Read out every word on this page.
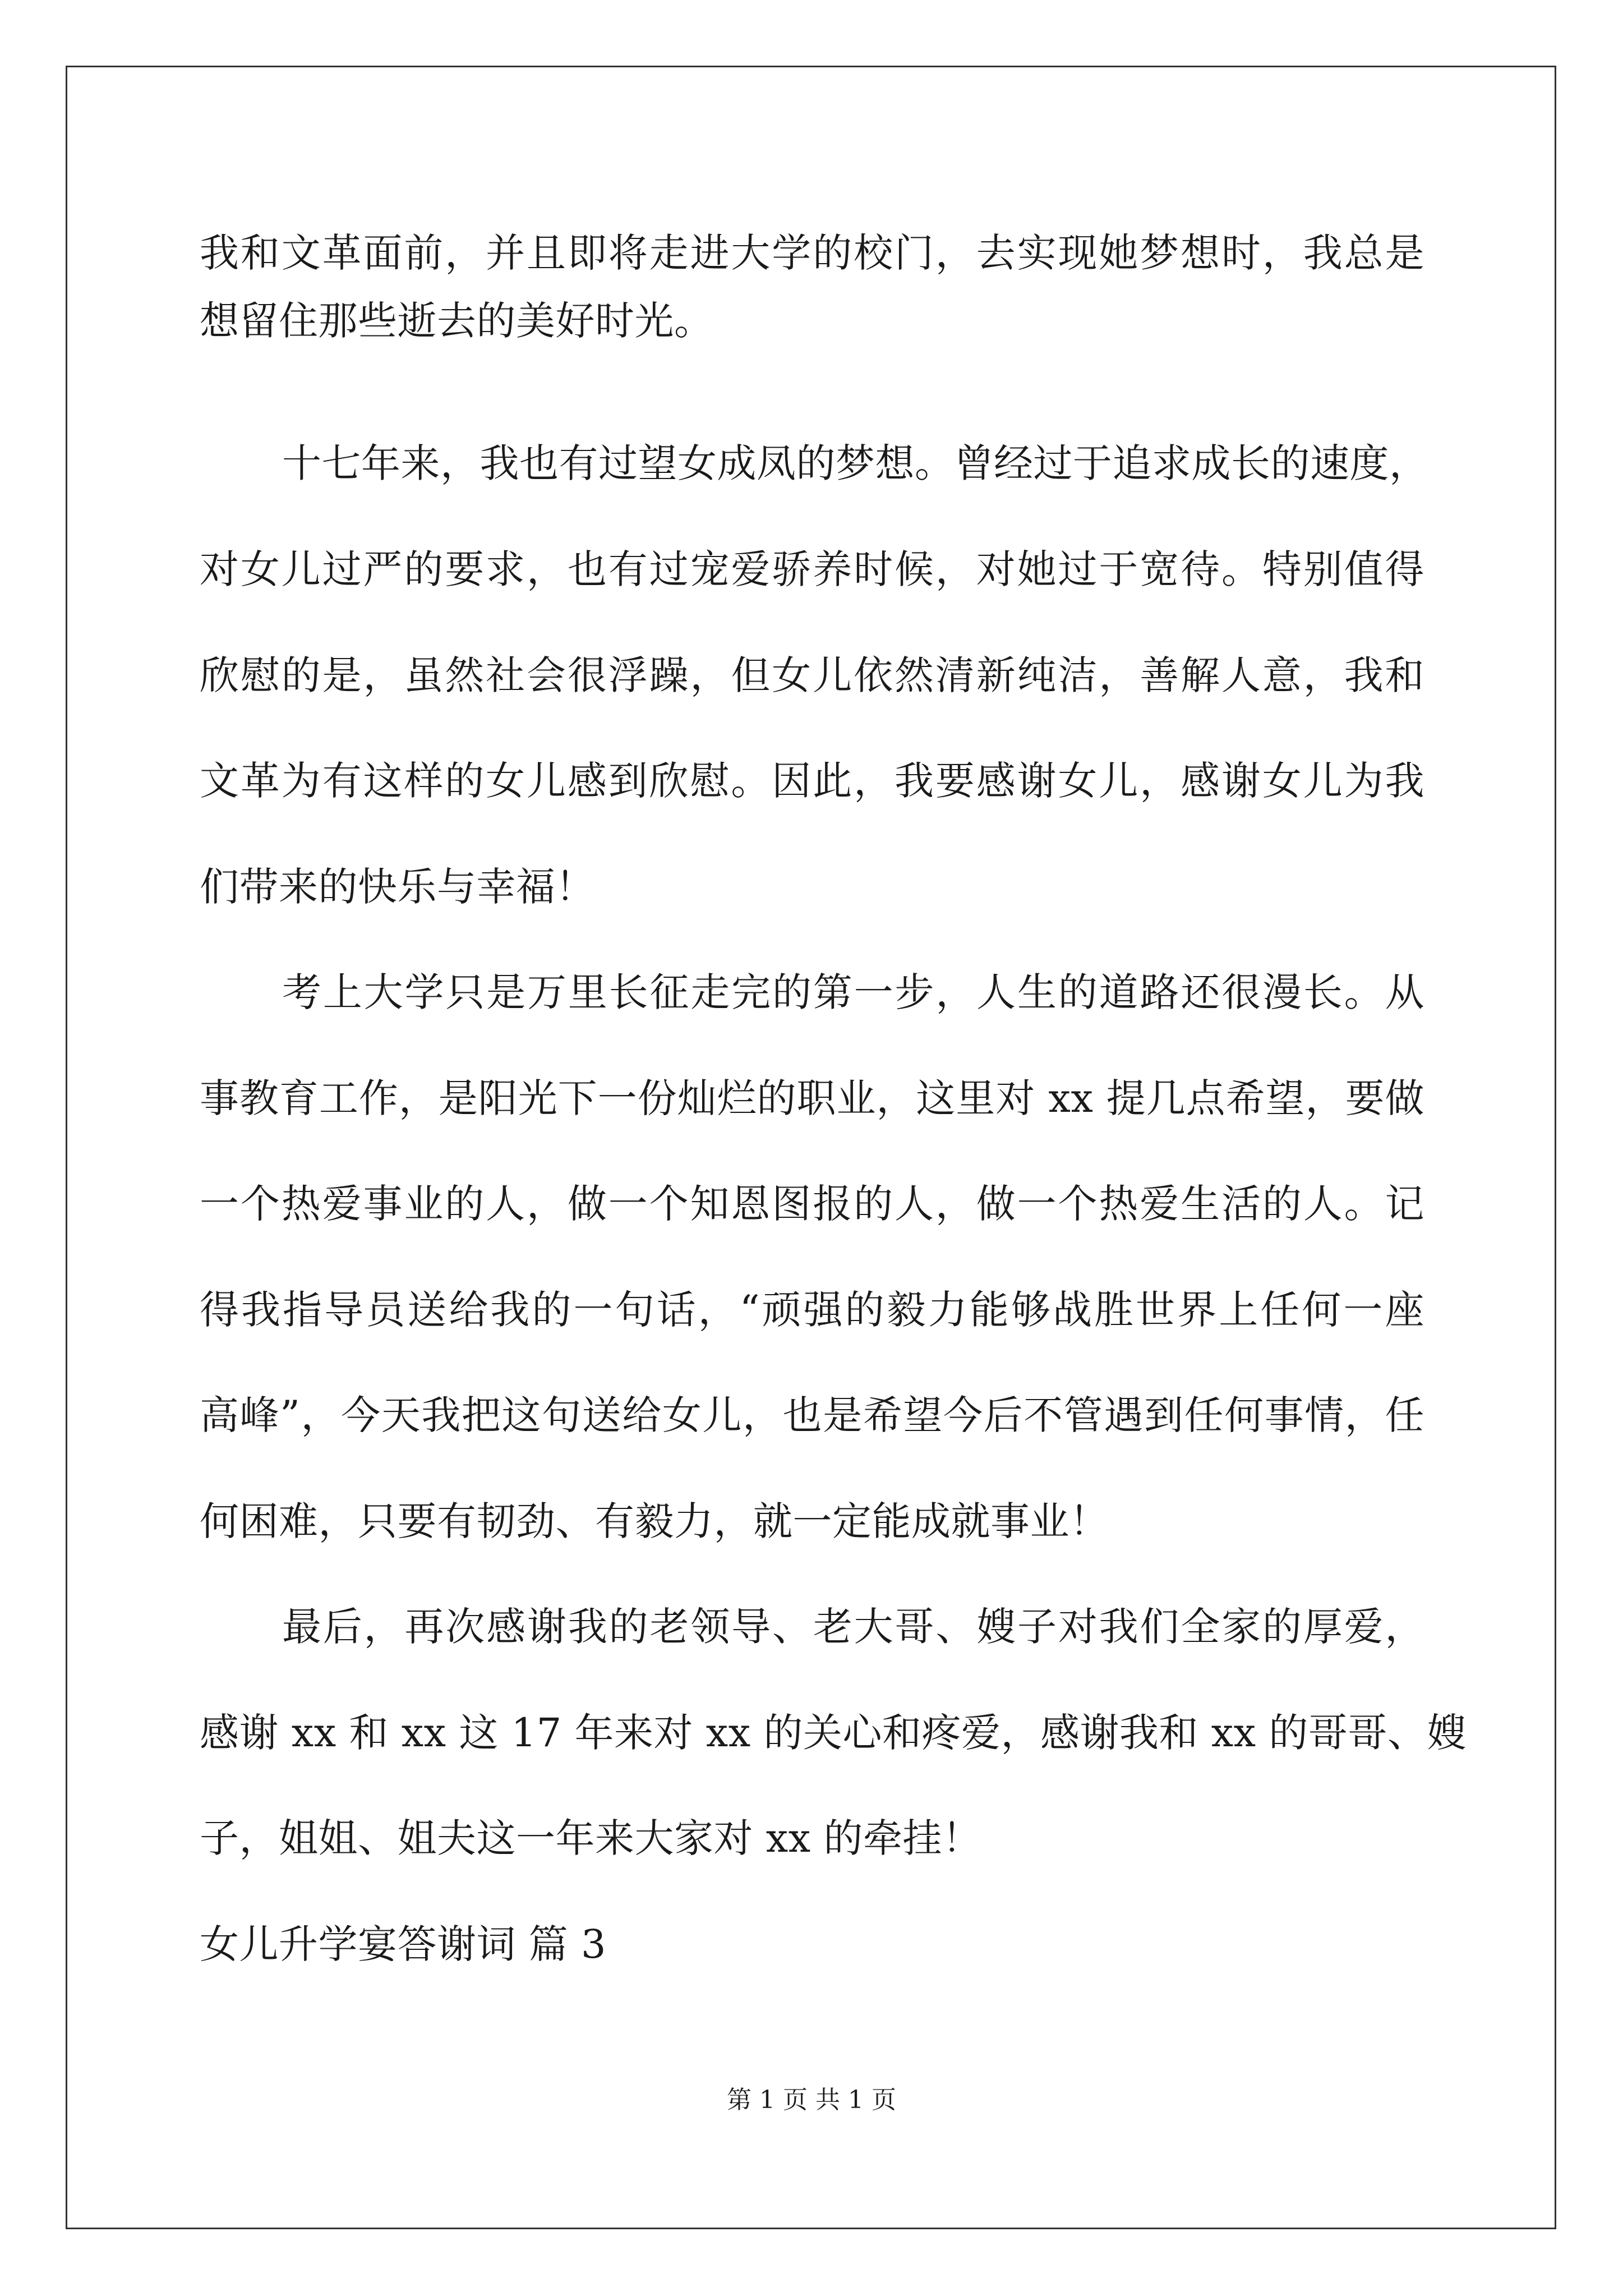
我和文革面前，并且即将走进大学的校门，去实现她梦想时，我总是
想留住那些逝去的美好时光。
十七年来，我也有过望女成凤的梦想。曾经过于追求成长的速度，
对女儿过严的要求，也有过宠爱骄养时候，对她过于宽待。特别值得
欣慰的是，虽然社会很浮躁，但女儿依然清新纯洁，善解人意，我和
文革为有这样的女儿感到欣慰。因此，我要感谢女儿，感谢女儿为我
们带来的快乐与幸福！
考上大学只是万里长征走完的第一步，人生的道路还很漫长。从
事教育工作，是阳光下一份灿烂的职业，这里对 xx 提几点希望，要做
一个热爱事业的人，做一个知恩图报的人，做一个热爱生活的人。记
得我指导员送给我的一句话，“顽强的毅力能够战胜世界上任何一座
高峰”，今天我把这句送给女儿，也是希望今后不管遇到任何事情，任
何困难，只要有韧劲、有毅力，就一定能成就事业！
最后，再次感谢我的老领导、老大哥、嫂子对我们全家的厚爱，
感谢 xx 和 xx 这 17 年来对 xx 的关心和疼爱，感谢我和 xx 的哥哥、嫂
子，姐姐、姐夫这一年来大家对 xx 的牵挂！
女儿升学宴答谢词 篇 3
第 1 页 共 1 页
